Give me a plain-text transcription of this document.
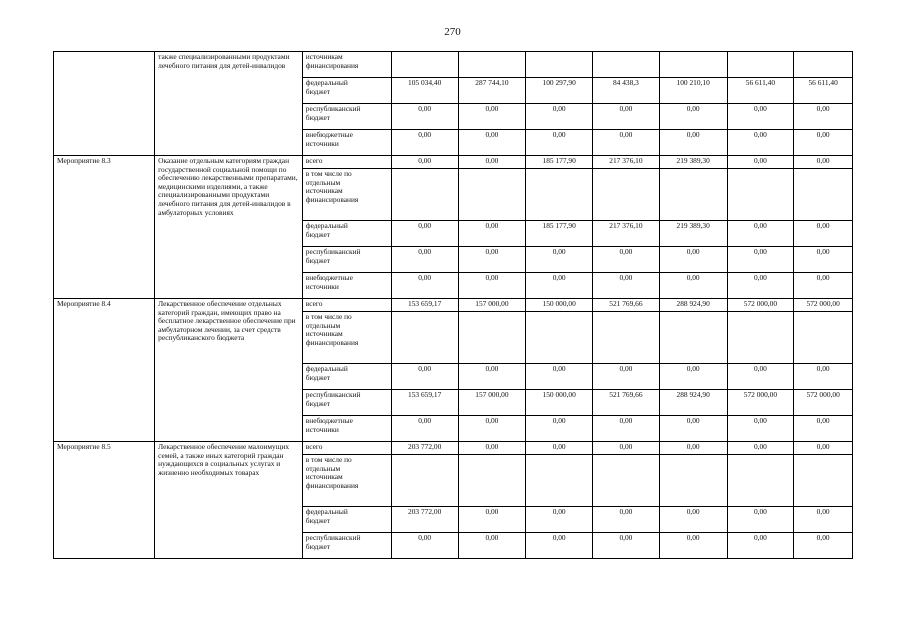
270
	также специализированными продуктами лечебного питания для детей-инвалидов	источникам
финансирования							
		федеральный
бюджет	105 034,40	287 744,10	100 297,90	84 438,3	100 210,10	56 611,40	56 611,40
		республиканский
бюджет	0,00	0,00	0,00	0,00	0,00	0,00	0,00
		внебюджетные
источники	0,00	0,00	0,00	0,00	0,00	0,00	0,00
Мероприятие 8.3	Оказание отдельным категориям граждан государственной социальной помощи по обеспечению лекарственными препаратами, медицинскими изделиями, а также специализированными продуктами лечебного питания для детей-инвалидов в амбулаторных условиях	всего	0,00	0,00	185 177,90	217 376,10	219 389,30	0,00	0,00
		в том числе по
отдельным
источникам
финансирования							
		федеральный
бюджет	0,00	0,00	185 177,90	217 376,10	219 389,30	0,00	0,00
		республиканский
бюджет	0,00	0,00	0,00	0,00	0,00	0,00	0,00
		внебюджетные
источники	0,00	0,00	0,00	0,00	0,00	0,00	0,00
Мероприятие 8.4	Лекарственное обеспечение отдельных категорий граждан, имеющих право на бесплатное лекарственное обеспечение при амбулаторном лечении, за счет средств республиканского бюджета	всего	153 659,17	157 000,00	150 000,00	521 769,66	288 924,90	572 000,00	572 000,00
		в том числе по
отдельным
источникам
финансирования							
		федеральный
бюджет	0,00	0,00	0,00	0,00	0,00	0,00	0,00
		республиканский
бюджет	153 659,17	157 000,00	150 000,00	521 769,66	288 924,90	572 000,00	572 000,00
		внебюджетные
источники	0,00	0,00	0,00	0,00	0,00	0,00	0,00
Мероприятие 8.5	Лекарственное обеспечение малоимущих семей, а также иных категорий граждан нуждающихся в социальных услугах и жизненно необходимых товарах	всего	203 772,00	0,00	0,00	0,00	0,00	0,00	0,00
		в том числе по
отдельным
источникам
финансирования							
		федеральный
бюджет	203 772,00	0,00	0,00	0,00	0,00	0,00	0,00
		республиканский
бюджет	0,00	0,00	0,00	0,00	0,00	0,00	0,00
